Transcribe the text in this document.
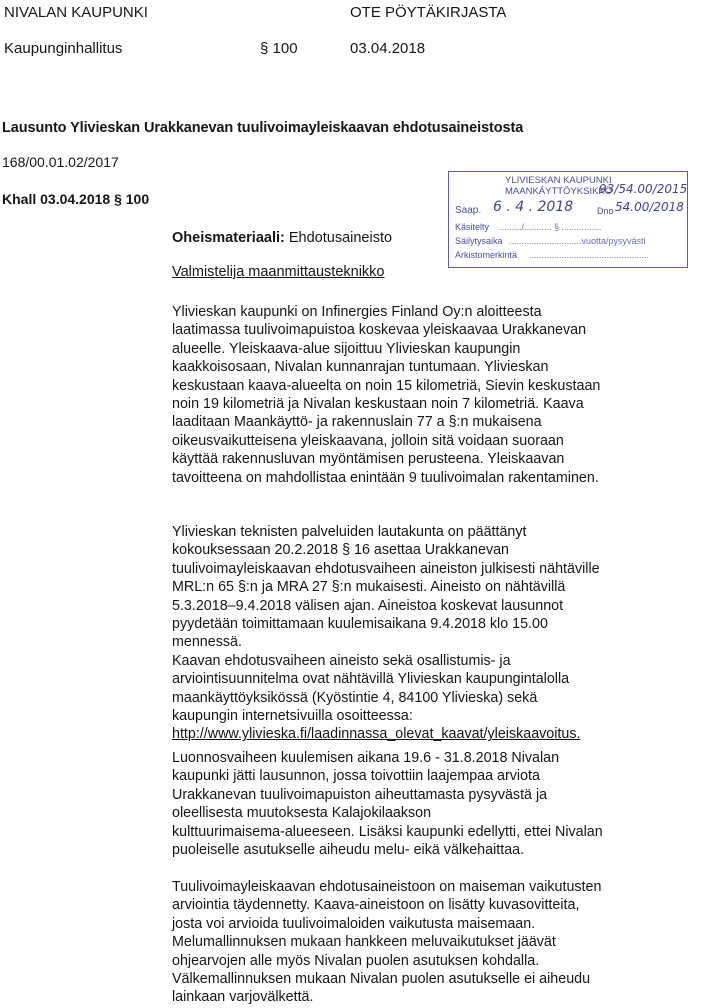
NIVALAN KAUPUNKI	OTE PÖYTÄKIRJASTA
Kaupunginhallitus	§ 100	03.04.2018
Lausunto Ylivieskan Urakkanevan tuulivoimayleiskaavan ehdotusaineistosta
168/00.01.02/2017
Khall 03.04.2018 § 100
YLIVIESKAN KAUPUNKI
MAANKÄYTTÖYKSIKKÖ
93/54.00/2015
Saap. 6 . 4 . 2018	Dno 54.00/2018
Käsitelty ........./........... § ................
Säilytysaika .............................vuotta/pysyvästi
Arkistomerkintä ................................................
Oheismateriaali: Ehdotusaineisto
Valmistelija maanmittausteknikko

Ylivieskan kaupunki on Infinergies Finland Oy:n aloitteesta
laatimassa tuulivoimapuistoa koskevaa yleiskaavaa Urakkanevan
alueelle. Yleiskaava-alue sijoittuu Ylivieskan kaupungin
kaakkoisosaan, Nivalan kunnanrajan tuntumaan. Ylivieskan
keskustaan kaava-alueelta on noin 15 kilometriä, Sievin keskustaan
noin 19 kilometriä ja Nivalan keskustaan noin 7 kilometriä. Kaava
laaditaan Maankäyttö- ja rakennuslain 77 a §:n mukaisena
oikeusvaikutteisena yleiskaavana, jolloin sitä voidaan suoraan
käyttää rakennusluvan myöntämisen perusteena. Yleiskaavan
tavoitteena on mahdollistaa enintään 9 tuulivoimalan rakentaminen.

Ylivieskan teknisten palveluiden lautakunta on päättänyt
kokouksessaan 20.2.2018 § 16 asettaa Urakkanevan
tuulivoimayleiskaavan ehdotusvaiheen aineiston julkisesti nähtäville
MRL:n 65 §:n ja MRA 27 §:n mukaisesti. Aineisto on nähtävillä
5.3.2018–9.4.2018 välisen ajan. Aineistoa koskevat lausunnot
pyydetään toimittamaan kuulemisaikana 9.4.2018 klo 15.00
mennessä.
Kaavan ehdotusvaiheen aineisto sekä osallistumis- ja
arviointisuunnitelma ovat nähtävillä Ylivieskan kaupungintalolla
maankäyttöyksikössä (Kyöstintie 4, 84100 Ylivieska) sekä
kaupungin internetsivuilla osoitteessa:

http://www.ylivieska.fi/laadinnassa_olevat_kaavat/yleiskaavoitus.

Luonnosvaiheen kuulemisen aikana 19.6 - 31.8.2018 Nivalan
kaupunki jätti lausunnon, jossa toivottiin laajempaa arviota
Urakkanevan tuulivoimapuiston aiheuttamasta pysyvästä ja
oleellisesta muutoksesta Kalajokilaakson
kulttuurimaisema-alueeseen. Lisäksi kaupunki edellytti, ettei Nivalan
puoleiselle asutukselle aiheudu melu- eikä välkehaittaa.

Tuulivoimayleiskaavan ehdotusaineistoon on maiseman vaikutusten
arviointia täydennetty. Kaava-aineistoon on lisätty kuvasovitteita,
josta voi arvioida tuulivoimaloiden vaikutusta maisemaan.
Melumallinnuksen mukaan hankkeen meluvaikutukset jäävät
ohjearvojen alle myös Nivalan puolen asutuksen kohdalla.
Välkemallinnuksen mukaan Nivalan puolen asutukselle ei aiheudu
lainkaan varjovälkettä.
